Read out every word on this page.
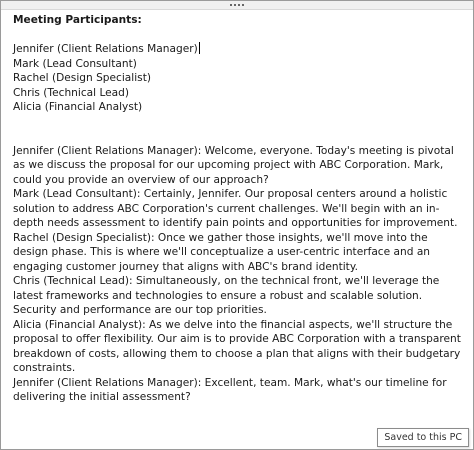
Meeting Participants:

Jennifer (Client Relations Manager)

Mark (Lead Consultant)

Rachel (Design Specialist)

Chris (Technical Lead)

Alicia (Financial Analyst)

Jennifer (Client Relations Manager): Welcome, everyone. Today's meeting is pivotal as we discuss the proposal for our upcoming project with ABC Corporation. Mark, could you provide an overview of our approach?

Mark (Lead Consultant): Certainly, Jennifer. Our proposal centers around a holistic solution to address ABC Corporation's current challenges. We'll begin with an in-depth needs assessment to identify pain points and opportunities for improvement.

Rachel (Design Specialist): Once we gather those insights, we'll move into the design phase. This is where we'll conceptualize a user-centric interface and an engaging customer journey that aligns with ABC's brand identity.

Chris (Technical Lead): Simultaneously, on the technical front, we'll leverage the latest frameworks and technologies to ensure a robust and scalable solution. Security and performance are our top priorities.

Alicia (Financial Analyst): As we delve into the financial aspects, we'll structure the proposal to offer flexibility. Our aim is to provide ABC Corporation with a transparent breakdown of costs, allowing them to choose a plan that aligns with their budgetary constraints.

Jennifer (Client Relations Manager): Excellent, team. Mark, what's our timeline for delivering the initial assessment?

Saved to this PC
